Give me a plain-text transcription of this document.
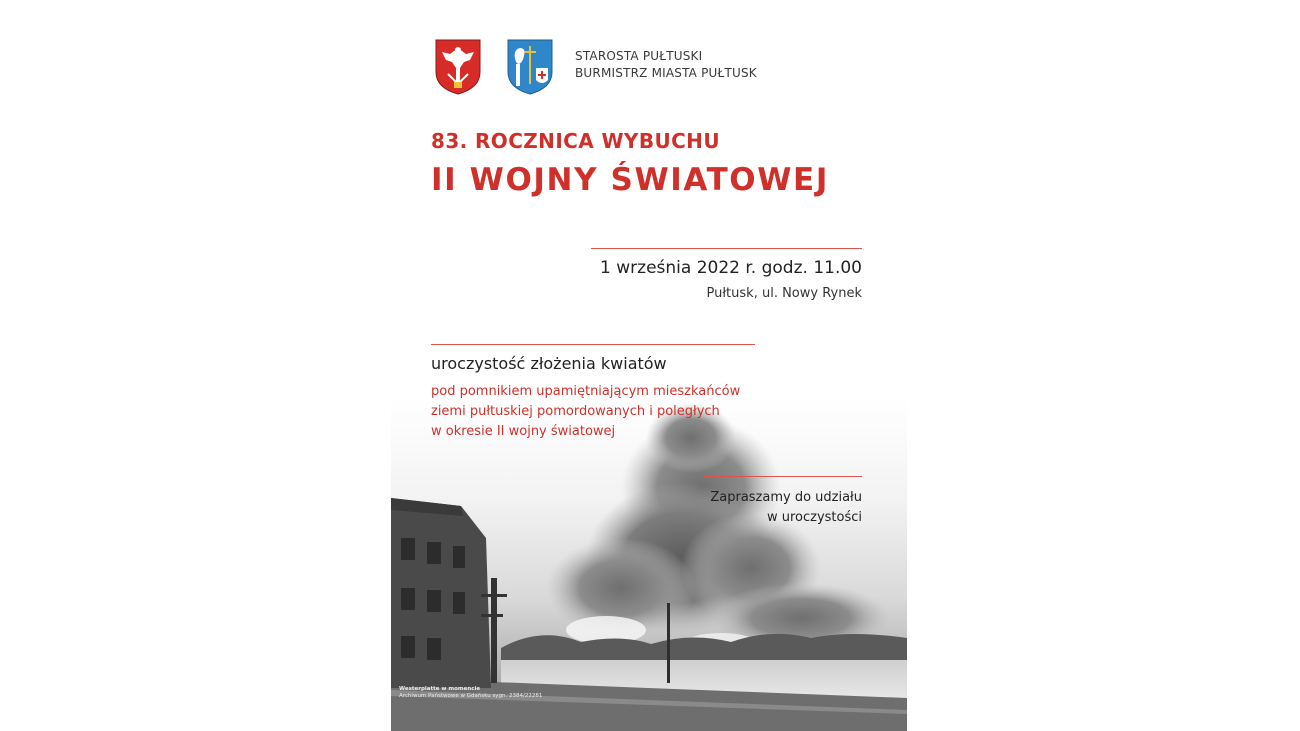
Westerplatte w momencie
Archiwum Państwowe w Gdańsku sygn. 2384/22281
STAROSTA PUŁTUSKI
BURMISTRZ MIASTA PUŁTUSK
83. ROCZNICA WYBUCHU
II WOJNY ŚWIATOWEJ
1 września 2022 r. godz. 11.00
Pułtusk, ul. Nowy Rynek
uroczystość złożenia kwiatów
pod pomnikiem upamiętniającym mieszkańców
ziemi pułtuskiej pomordowanych i poległych
w okresie II wojny światowej
Zapraszamy do udziału
w uroczystości
